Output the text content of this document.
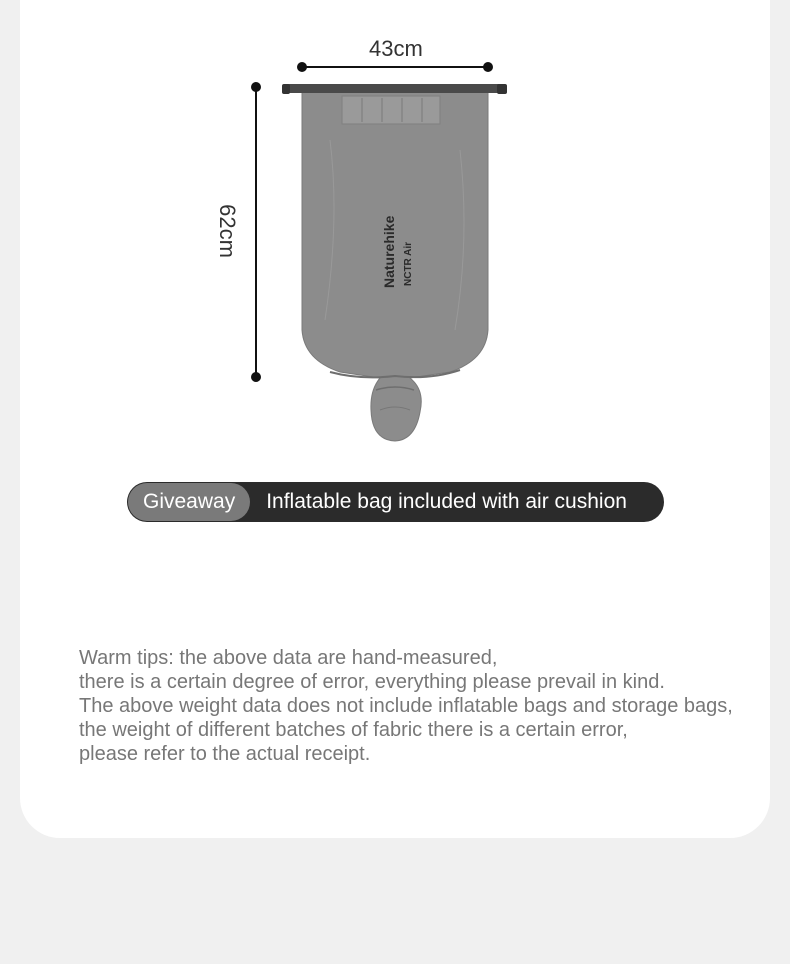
Naturehike NCTR Air
43cm
62cm
Giveaway	Inflatable bag included with air cushion
Warm tips: the above data are hand-measured,
there is a certain degree of error, everything please prevail in kind.
The above weight data does not include inflatable bags and storage bags,
the weight of different batches of fabric there is a certain error,
please refer to the actual receipt.
